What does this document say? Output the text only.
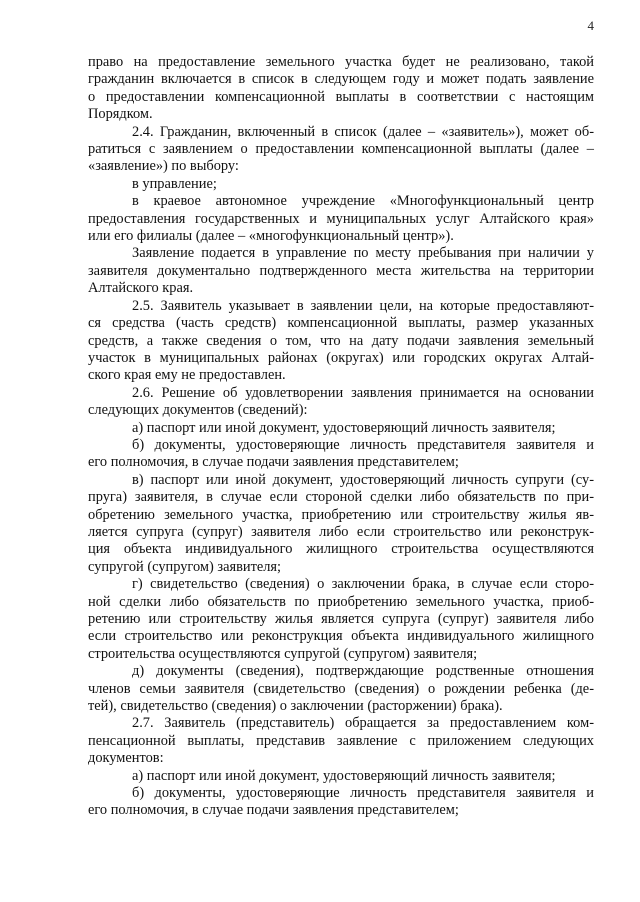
4
право на предоставление земельного участка будет не реализовано, такой
гражданин включается в список в следующем году и может подать заявление
о предоставлении компенсационной выплаты в соответствии с настоящим
Порядком.
2.4. Гражданин, включенный в список (далее – «заявитель»), может об-
ратиться с заявлением о предоставлении компенсационной выплаты (далее –
«заявление») по выбору:
в управление;
в краевое автономное учреждение «Многофункциональный центр
предоставления государственных и муниципальных услуг Алтайского края»
или его филиалы (далее – «многофункциональный центр»).
Заявление подается в управление по месту пребывания при наличии у
заявителя документально подтвержденного места жительства на территории
Алтайского края.
2.5. Заявитель указывает в заявлении цели, на которые предоставляют-
ся средства (часть средств) компенсационной выплаты, размер указанных
средств, а также сведения о том, что на дату подачи заявления земельный
участок в муниципальных районах (округах) или городских округах Алтай-
ского края ему не предоставлен.
2.6. Решение об удовлетворении заявления принимается на основании
следующих документов (сведений):
а) паспорт или иной документ, удостоверяющий личность заявителя;
б) документы, удостоверяющие личность представителя заявителя и
его полномочия, в случае подачи заявления представителем;
в) паспорт или иной документ, удостоверяющий личность супруги (су-
пруга) заявителя, в случае если стороной сделки либо обязательств по при-
обретению земельного участка, приобретению или строительству жилья яв-
ляется супруга (супруг) заявителя либо если строительство или реконструк-
ция объекта индивидуального жилищного строительства осуществляются
супругой (супругом) заявителя;
г) свидетельство (сведения) о заключении брака, в случае если сторо-
ной сделки либо обязательств по приобретению земельного участка, приоб-
ретению или строительству жилья является супруга (супруг) заявителя либо
если строительство или реконструкция объекта индивидуального жилищного
строительства осуществляются супругой (супругом) заявителя;
д) документы (сведения), подтверждающие родственные отношения
членов семьи заявителя (свидетельство (сведения) о рождении ребенка (де-
тей), свидетельство (сведения) о заключении (расторжении) брака).
2.7. Заявитель (представитель) обращается за предоставлением ком-
пенсационной выплаты, представив заявление с приложением следующих
документов:
а) паспорт или иной документ, удостоверяющий личность заявителя;
б) документы, удостоверяющие личность представителя заявителя и
его полномочия, в случае подачи заявления представителем;
